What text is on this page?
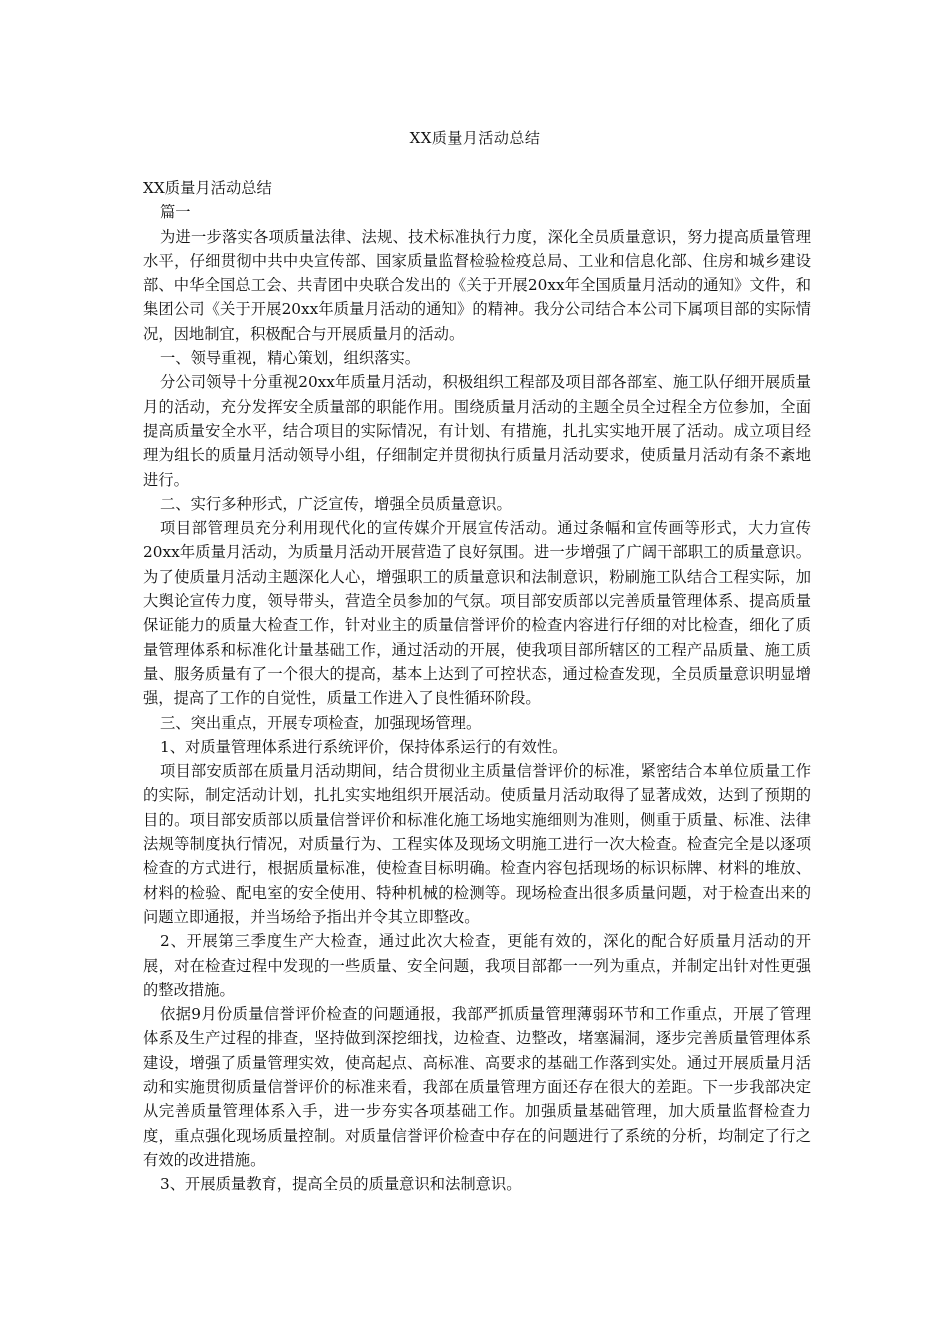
XX质量月活动总结

XX质量月活动总结

篇一

为进一步落实各项质量法律、法规、技术标准执行力度，深化全员质量意识，努力提高质量管理水平，仔细贯彻中共中央宣传部、国家质量监督检验检疫总局、工业和信息化部、住房和城乡建设部、中华全国总工会、共青团中央联合发出的《关于开展20xx年全国质量月活动的通知》文件，和集团公司《关于开展20xx年质量月活动的通知》的精神。我分公司结合本公司下属项目部的实际情况，因地制宜，积极配合与开展质量月的活动。

一、领导重视，精心策划，组织落实。

分公司领导十分重视20xx年质量月活动，积极组织工程部及项目部各部室、施工队仔细开展质量月的活动，充分发挥安全质量部的职能作用。围绕质量月活动的主题全员全过程全方位参加，全面提高质量安全水平，结合项目的实际情况，有计划、有措施，扎扎实实地开展了活动。成立项目经理为组长的质量月活动领导小组，仔细制定并贯彻执行质量月活动要求，使质量月活动有条不紊地进行。

二、实行多种形式，广泛宣传，增强全员质量意识。

项目部管理员充分利用现代化的宣传媒介开展宣传活动。通过条幅和宣传画等形式，大力宣传20xx年质量月活动，为质量月活动开展营造了良好氛围。进一步增强了广阔干部职工的质量意识。为了使质量月活动主题深化人心，增强职工的质量意识和法制意识，粉刷施工队结合工程实际，加大舆论宣传力度，领导带头，营造全员参加的气氛。项目部安质部以完善质量管理体系、提高质量保证能力的质量大检查工作，针对业主的质量信誉评价的检查内容进行仔细的对比检查，细化了质量管理体系和标准化计量基础工作，通过活动的开展，使我项目部所辖区的工程产品质量、施工质量、服务质量有了一个很大的提高，基本上达到了可控状态，通过检查发现，全员质量意识明显增强，提高了工作的自觉性，质量工作进入了良性循环阶段。

三、突出重点，开展专项检查，加强现场管理。

1、对质量管理体系进行系统评价，保持体系运行的有效性。

项目部安质部在质量月活动期间，结合贯彻业主质量信誉评价的标准，紧密结合本单位质量工作的实际，制定活动计划，扎扎实实地组织开展活动。使质量月活动取得了显著成效，达到了预期的目的。项目部安质部以质量信誉评价和标准化施工场地实施细则为准则，侧重于质量、标准、法律法规等制度执行情况，对质量行为、工程实体及现场文明施工进行一次大检查。检查完全是以逐项检查的方式进行，根据质量标准，使检查目标明确。检查内容包括现场的标识标牌、材料的堆放、材料的检验、配电室的安全使用、特种机械的检测等。现场检查出很多质量问题，对于检查出来的问题立即通报，并当场给予指出并令其立即整改。

2、开展第三季度生产大检查，通过此次大检查，更能有效的，深化的配合好质量月活动的开展，对在检查过程中发现的一些质量、安全问题，我项目部都一一列为重点，并制定出针对性更强的整改措施。

依据9月份质量信誉评价检查的问题通报，我部严抓质量管理薄弱环节和工作重点，开展了管理体系及生产过程的排查，坚持做到深挖细找，边检查、边整改，堵塞漏洞，逐步完善质量管理体系建设，增强了质量管理实效，使高起点、高标准、高要求的基础工作落到实处。通过开展质量月活动和实施贯彻质量信誉评价的标准来看，我部在质量管理方面还存在很大的差距。下一步我部决定从完善质量管理体系入手，进一步夯实各项基础工作。加强质量基础管理，加大质量监督检查力度，重点强化现场质量控制。对质量信誉评价检查中存在的问题进行了系统的分析，均制定了行之有效的改进措施。

3、开展质量教育，提高全员的质量意识和法制意识。
